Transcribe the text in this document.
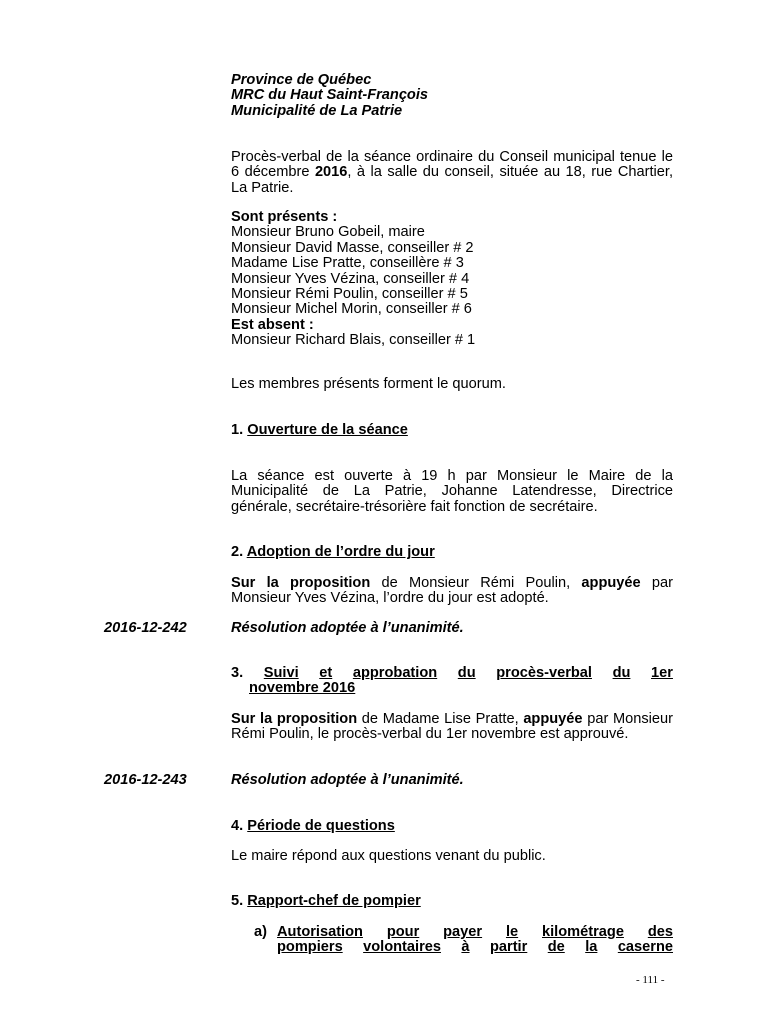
Province de Québec
MRC du Haut Saint-François
Municipalité de La Patrie
Procès-verbal de la séance ordinaire du Conseil municipal tenue le 6 décembre 2016, à la salle du conseil, située au 18, rue Chartier, La Patrie.
Sont présents :
Monsieur Bruno Gobeil, maire
Monsieur David Masse, conseiller # 2
Madame Lise Pratte, conseillère # 3
Monsieur Yves Vézina, conseiller # 4
Monsieur Rémi Poulin, conseiller # 5
Monsieur Michel Morin, conseiller # 6
Est absent :
Monsieur Richard Blais, conseiller # 1
Les membres présents forment le quorum.
1. Ouverture de la séance
La séance est ouverte à 19 h par Monsieur le Maire de la Municipalité de La Patrie, Johanne Latendresse, Directrice générale, secrétaire-trésorière fait fonction de secrétaire.
2. Adoption de l’ordre du jour
Sur la proposition de Monsieur Rémi Poulin, appuyée par Monsieur Yves Vézina, l’ordre du jour est adopté.
2016-12-242	Résolution adoptée à l’unanimité.
3. Suivi et approbation du procès-verbal du 1er
novembre 2016
Sur la proposition de Madame Lise Pratte, appuyée par Monsieur Rémi Poulin, le procès-verbal du 1er novembre est approuvé.
2016-12-243	Résolution adoptée à l’unanimité.
4. Période de questions
Le maire répond aux questions venant du public.
5. Rapport-chef de pompier
a) Autorisation pour payer le kilométrage des
pompiers volontaires à partir de la caserne
- 111 -
